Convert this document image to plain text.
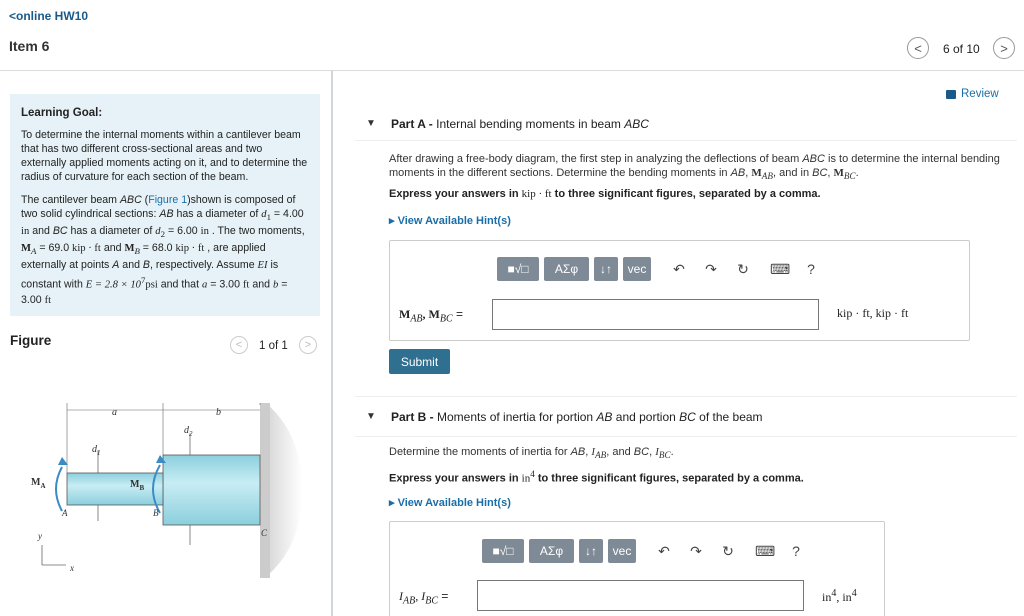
<online HW10
Item 6	< 6 of 10 >
Learning Goal:
To determine the internal moments within a cantilever beam that has two different cross-sectional areas and two externally applied moments acting on it, and to determine the radius of curvature for each section of the beam.
The cantilever beam ABC (Figure 1)shown is composed of two solid cylindrical sections: AB has a diameter of $d_1 = 4.00$ in and BC has a diameter of $d_2 = 6.00$ in . The two moments, $M_A = 69.0$ kip · ft and $M_B = 68.0$ kip · ft , are applied externally at points A and B, respectively. Assume EI is constant with $E = 2.8 \times 10^7psi$ and that a = 3.00 ft and b = 3.00 ft
Figure	< 1 of 1 >
a	b
$d_1$
$d_2$
$M_A$	$M_B$
A	B
C
y
x
Review
▼ Part A - Internal bending moments in beam ABC
After drawing a free-body diagram, the first step in analyzing the deflections of beam ABC is to determine the internal bending moments in the different sections. Determine the bending moments in AB, $M_{AB}$, and in BC, $M_{BC}$.
Express your answers in kip · ft to three significant figures, separated by a comma.
▸ View Available Hint(s)
■√□	ΑΣφ	↓↑	vec	↶ ↷ ↻ ⌨	?
$M_{AB}$, $M_{BC}$ =	kip · ft, kip · ft
Submit
▼ Part B - Moments of inertia for portion AB and portion BC of the beam
Determine the moments of inertia for AB, $I_{AB}$, and BC, $I_{BC}$.
Express your answers in $in^4$ to three significant figures, separated by a comma.
▸ View Available Hint(s)
■√□	ΑΣφ	↓↑	vec	↶ ↷ ↻ ⌨	?
$I_{AB}$, $I_{BC}$ =	$in^4$, $in^4$
